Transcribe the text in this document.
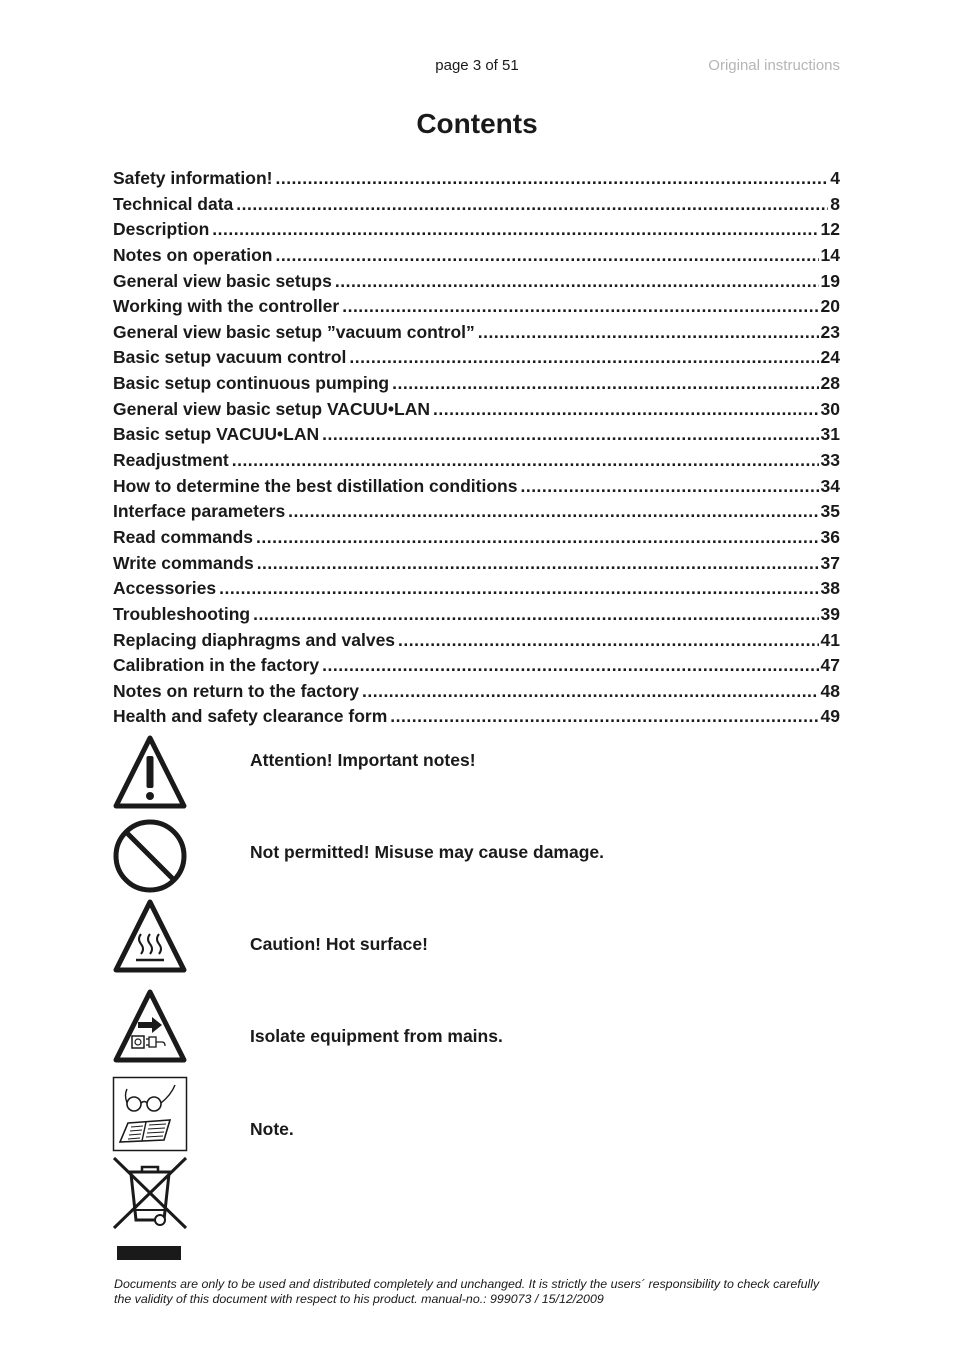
page 3 of 51	Original instructions
Contents
Safety information! .....	4
Technical data .....	8
Description .....	12
Notes on operation .....	14
General view basic setups .....	19
Working with the controller .....	20
General view basic setup ”vacuum control” .....	23
Basic setup vacuum control .....	24
Basic setup continuous pumping .....	28
General view basic setup VACUU•LAN .....	30
Basic setup VACUU•LAN .....	31
Readjustment .....	33
How to determine the best distillation conditions .....	34
Interface parameters .....	35
Read commands .....	36
Write commands .....	37
Accessories .....	38
Troubleshooting .....	39
Replacing diaphragms and valves .....	41
Calibration in the factory .....	47
Notes on return to the factory .....	48
Health and safety clearance form .....	49
Attention! Important notes!
Not permitted! Misuse may cause damage.
Caution! Hot surface!
Isolate equipment from mains.
Note.
Documents are only to be used and distributed completely and unchanged. It is strictly the users´ responsibility to check carefully
the validity of this document with respect to his product. manual-no.: 999073 / 15/12/2009
